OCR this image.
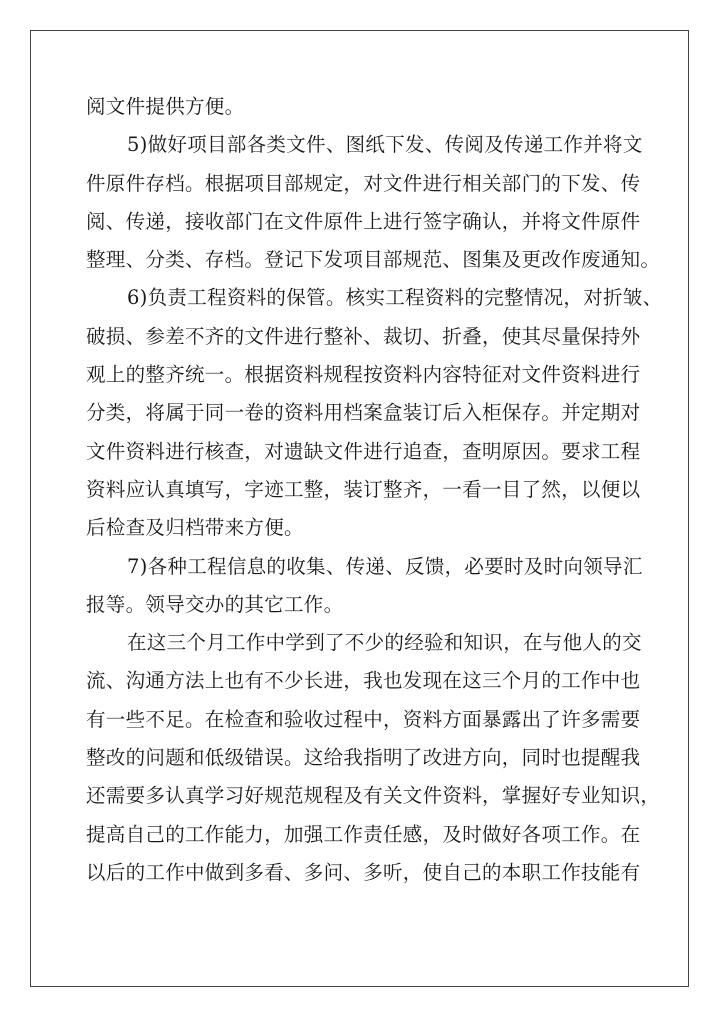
阅文件提供方便。
5)做好项目部各类文件、图纸下发、传阅及传递工作并将文
件原件存档。根据项目部规定，对文件进行相关部门的下发、传
阅、传递，接收部门在文件原件上进行签字确认，并将文件原件
整理、分类、存档。登记下发项目部规范、图集及更改作废通知。
6)负责工程资料的保管。核实工程资料的完整情况，对折皱、
破损、参差不齐的文件进行整补、裁切、折叠，使其尽量保持外
观上的整齐统一。根据资料规程按资料内容特征对文件资料进行
分类，将属于同一卷的资料用档案盒装订后入柜保存。并定期对
文件资料进行核查，对遗缺文件进行追查，查明原因。要求工程
资料应认真填写，字迹工整，装订整齐，一看一目了然，以便以
后检查及归档带来方便。
7)各种工程信息的收集、传递、反馈，必要时及时向领导汇
报等。领导交办的其它工作。
在这三个月工作中学到了不少的经验和知识，在与他人的交
流、沟通方法上也有不少长进，我也发现在这三个月的工作中也
有一些不足。在检查和验收过程中，资料方面暴露出了许多需要
整改的问题和低级错误。这给我指明了改进方向，同时也提醒我
还需要多认真学习好规范规程及有关文件资料，掌握好专业知识，
提高自己的工作能力，加强工作责任感，及时做好各项工作。在
以后的工作中做到多看、多问、多听，使自己的本职工作技能有
